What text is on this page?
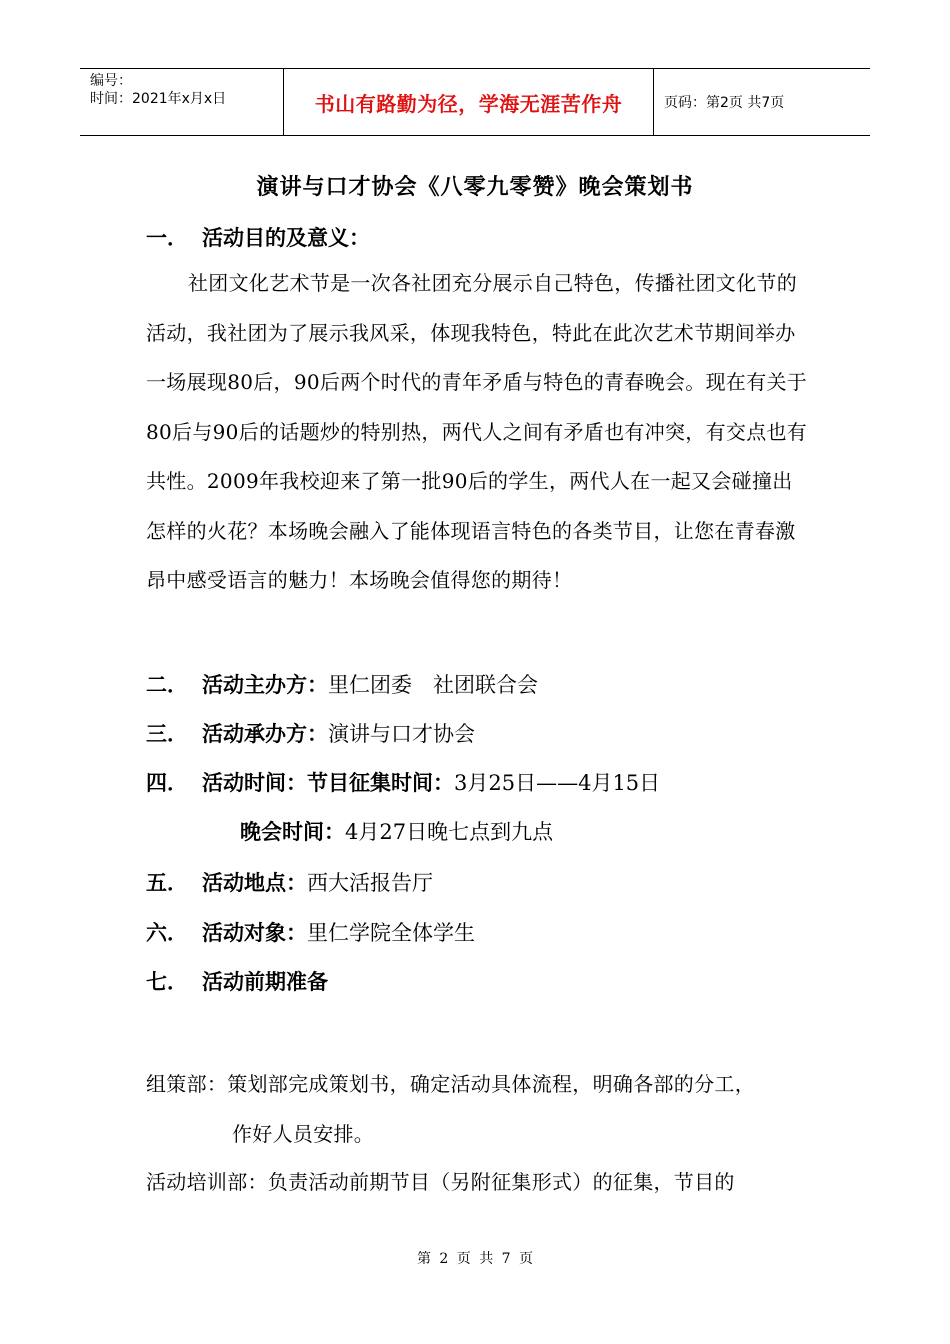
编号：
时间：2021年x月x日	书山有路勤为径，学海无涯苦作舟	页码：第2页 共7页
演讲与口才协会《八零九零赞》晚会策划书
一． 活动目的及意义：
社团文化艺术节是一次各社团充分展示自己特色，传播社团文化节的活动，我社团为了展示我风采，体现我特色，特此在此次艺术节期间举办一场展现80后，90后两个时代的青年矛盾与特色的青春晚会。现在有关于80后与90后的话题炒的特别热，两代人之间有矛盾也有冲突，有交点也有共性。2009年我校迎来了第一批90后的学生，两代人在一起又会碰撞出怎样的火花？本场晚会融入了能体现语言特色的各类节目，让您在青春激昂中感受语言的魅力！本场晚会值得您的期待！
二． 活动主办方：里仁团委　社团联合会
三． 活动承办方：演讲与口才协会
四． 活动时间：节目征集时间：3月25日——4月15日
晚会时间：4月27日晚七点到九点
五． 活动地点：西大活报告厅
六． 活动对象：里仁学院全体学生
七． 活动前期准备
组策部：策划部完成策划书，确定活动具体流程，明确各部的分工，
作好人员安排。
活动培训部：负责活动前期节目（另附征集形式）的征集，节目的
第 2 页 共 7 页
